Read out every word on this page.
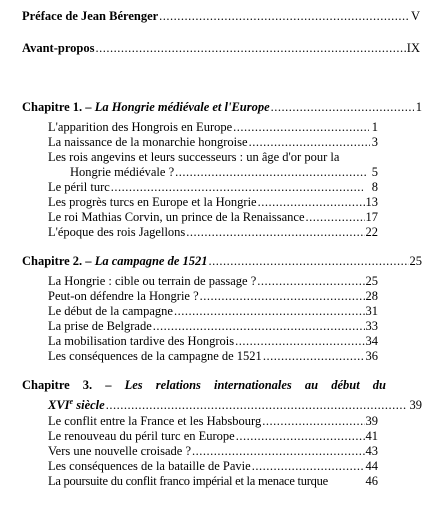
Préface de Jean Bérenger .....	V
Avant-propos .....	IX
Chapitre 1. – La Hongrie médiévale et l'Europe .....	1
L'apparition des Hongrois en Europe .....	1
La naissance de la monarchie hongroise .....	3
Les rois angevins et leurs successeurs : un âge d'or pour la
Hongrie médiévale ? .....	5
Le péril turc .....	8
Les progrès turcs en Europe et la Hongrie .....	13
Le roi Mathias Corvin, un prince de la Renaissance .....	17
L'époque des rois Jagellons .....	22
Chapitre 2. – La campagne de 1521 .....	25
La Hongrie : cible ou terrain de passage ? .....	25
Peut-on défendre la Hongrie ? .....	28
Le début de la campagne .....	31
La prise de Belgrade .....	33
La mobilisation tardive des Hongrois .....	34
Les conséquences de la campagne de 1521 .....	36
Chapitre 3. – Les relations internationales au début du
XVIe siècle .....	39
Le conflit entre la France et les Habsbourg .....	39
Le renouveau du péril turc en Europe .....	41
Vers une nouvelle croisade ? .....	43
Les conséquences de la bataille de Pavie .....	44
La poursuite du conflit franco impérial et la menace turque	46
